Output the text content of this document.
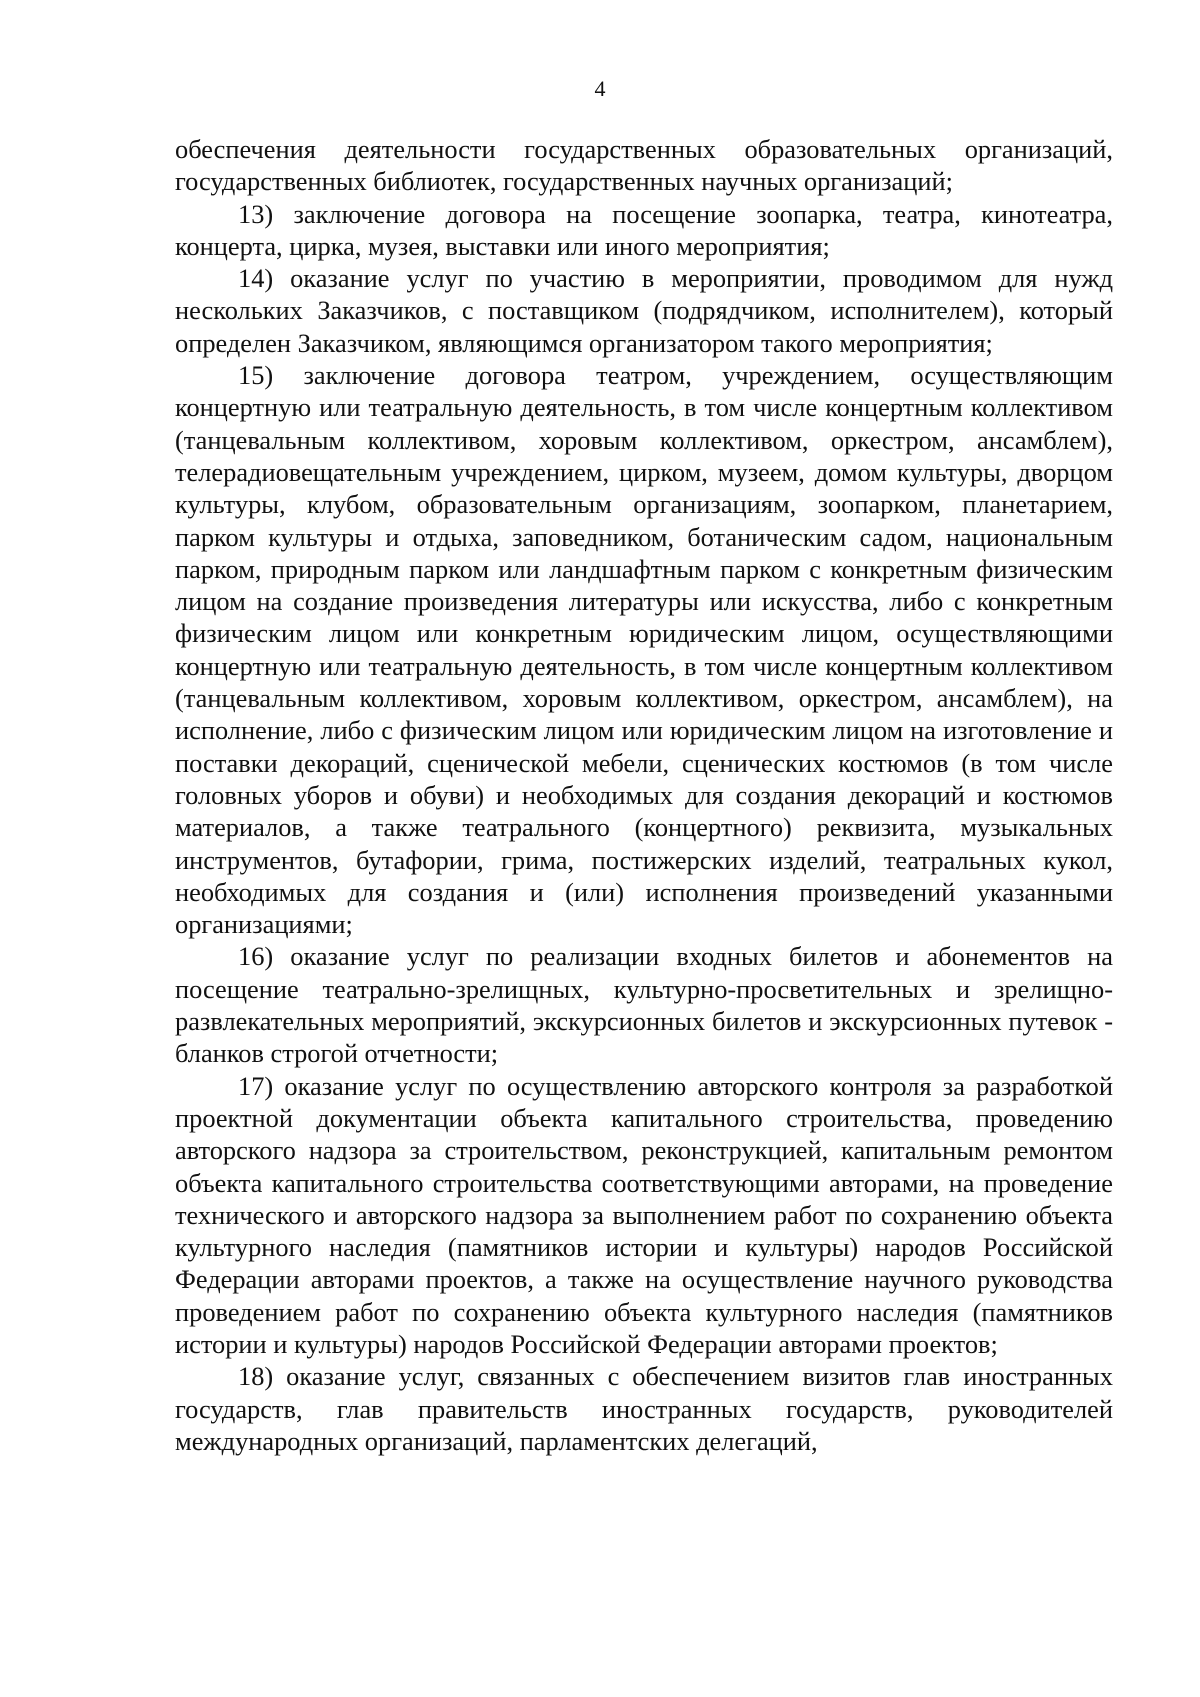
4

обеспечения деятельности государственных образовательных организаций, государственных библиотек, государственных научных организаций;

13) заключение договора на посещение зоопарка, театра, кинотеатра, концерта, цирка, музея, выставки или иного мероприятия;

14) оказание услуг по участию в мероприятии, проводимом для нужд нескольких Заказчиков, с поставщиком (подрядчиком, исполнителем), который определен Заказчиком, являющимся организатором такого мероприятия;

15) заключение договора театром, учреждением, осуществляющим концертную или театральную деятельность, в том числе концертным коллективом (танцевальным коллективом, хоровым коллективом, оркестром, ансамблем), телерадиовещательным учреждением, цирком, музеем, домом культуры, дворцом культуры, клубом, образовательным организациям, зоопарком, планетарием, парком культуры и отдыха, заповедником, ботаническим садом, национальным парком, природным парком или ландшафтным парком с конкретным физическим лицом на создание произведения литературы или искусства, либо с конкретным физическим лицом или конкретным юридическим лицом, осуществляющими концертную или театральную деятельность, в том числе концертным коллективом (танцевальным коллективом, хоровым коллективом, оркестром, ансамблем), на исполнение, либо с физическим лицом или юридическим лицом на изготовление и поставки декораций, сценической мебели, сценических костюмов (в том числе головных уборов и обуви) и необходимых для создания декораций и костюмов материалов, а также театрального (концертного) реквизита, музыкальных инструментов, бутафории, грима, постижерских изделий, театральных кукол, необходимых для создания и (или) исполнения произведений указанными организациями;

16) оказание услуг по реализации входных билетов и абонементов на посещение театрально-зрелищных, культурно-просветительных и зрелищно-развлекательных мероприятий, экскурсионных билетов и экскурсионных путевок - бланков строгой отчетности;

17) оказание услуг по осуществлению авторского контроля за разработкой проектной документации объекта капитального строительства, проведению авторского надзора за строительством, реконструкцией, капитальным ремонтом объекта капитального строительства соответствующими авторами, на проведение технического и авторского надзора за выполнением работ по сохранению объекта культурного наследия (памятников истории и культуры) народов Российской Федерации авторами проектов, а также на осуществление научного руководства проведением работ по сохранению объекта культурного наследия (памятников истории и культуры) народов Российской Федерации авторами проектов;

18) оказание услуг, связанных с обеспечением визитов глав иностранных государств, глав правительств иностранных государств, руководителей международных организаций, парламентских делегаций,
